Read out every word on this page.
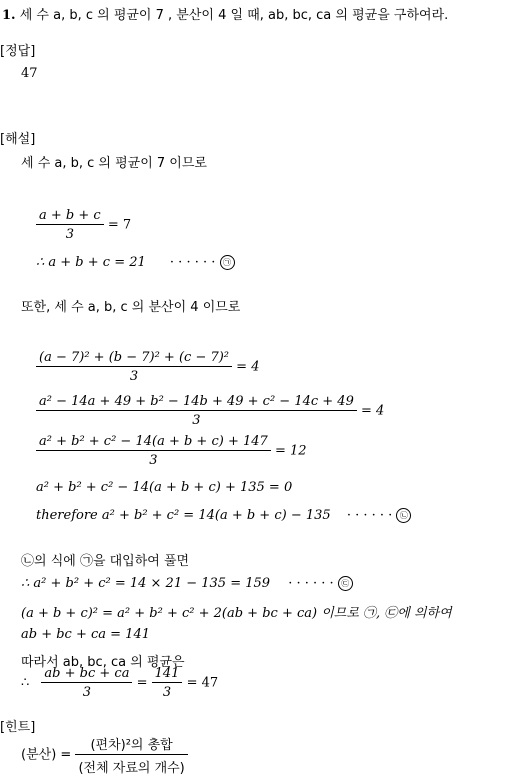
1. 세 수 a, b, c 의 평균이 7 , 분산이 4 일 때, ab, bc, ca 의 평균을 구하여라.
[정답]
47
[해설]
세 수 a, b, c 의 평균이 7 이므로
$\frac{a + b + c}{3} = 7$
∴ a + b + c = 21 · · · · · · ㉠
또한, 세 수 a, b, c 의 분산이 4 이므로
$\frac{\text{(a − 7)² + (b − 7)² + (c − 7)²}}{3} = 4$
$\frac{\text{a² − 14a + 49 + b² − 14b + 49 + c² − 14c + 49}}{3} = 4$
$\frac{\text{a² + b² + c² − 14(a + b + c) + 147}}{3} = 12$
a² + b² + c² − 14(a + b + c) + 135 = 0
therefore a² + b² + c² = 14(a + b + c) − 135 · · · · · · ㉡
㉡의 식에 ㉠을 대입하여 풀면
∴ a² + b² + c² = 14 × 21 − 135 = 159 · · · · · · ㉢
(a + b + c)² = a² + b² + c² + 2(ab + bc + ca) 이므로 ㉠, ㉢에 의하여
ab + bc + ca = 141
따라서 ab, bc, ca 의 평균은
∴ $\frac{ab + bc + ca}{3} = \frac{141}{3} = 47$
[힌트]
(분산) = $\frac{\text{(편차)²의 총합}}{\text{(전체 자료의 개수)}}$
